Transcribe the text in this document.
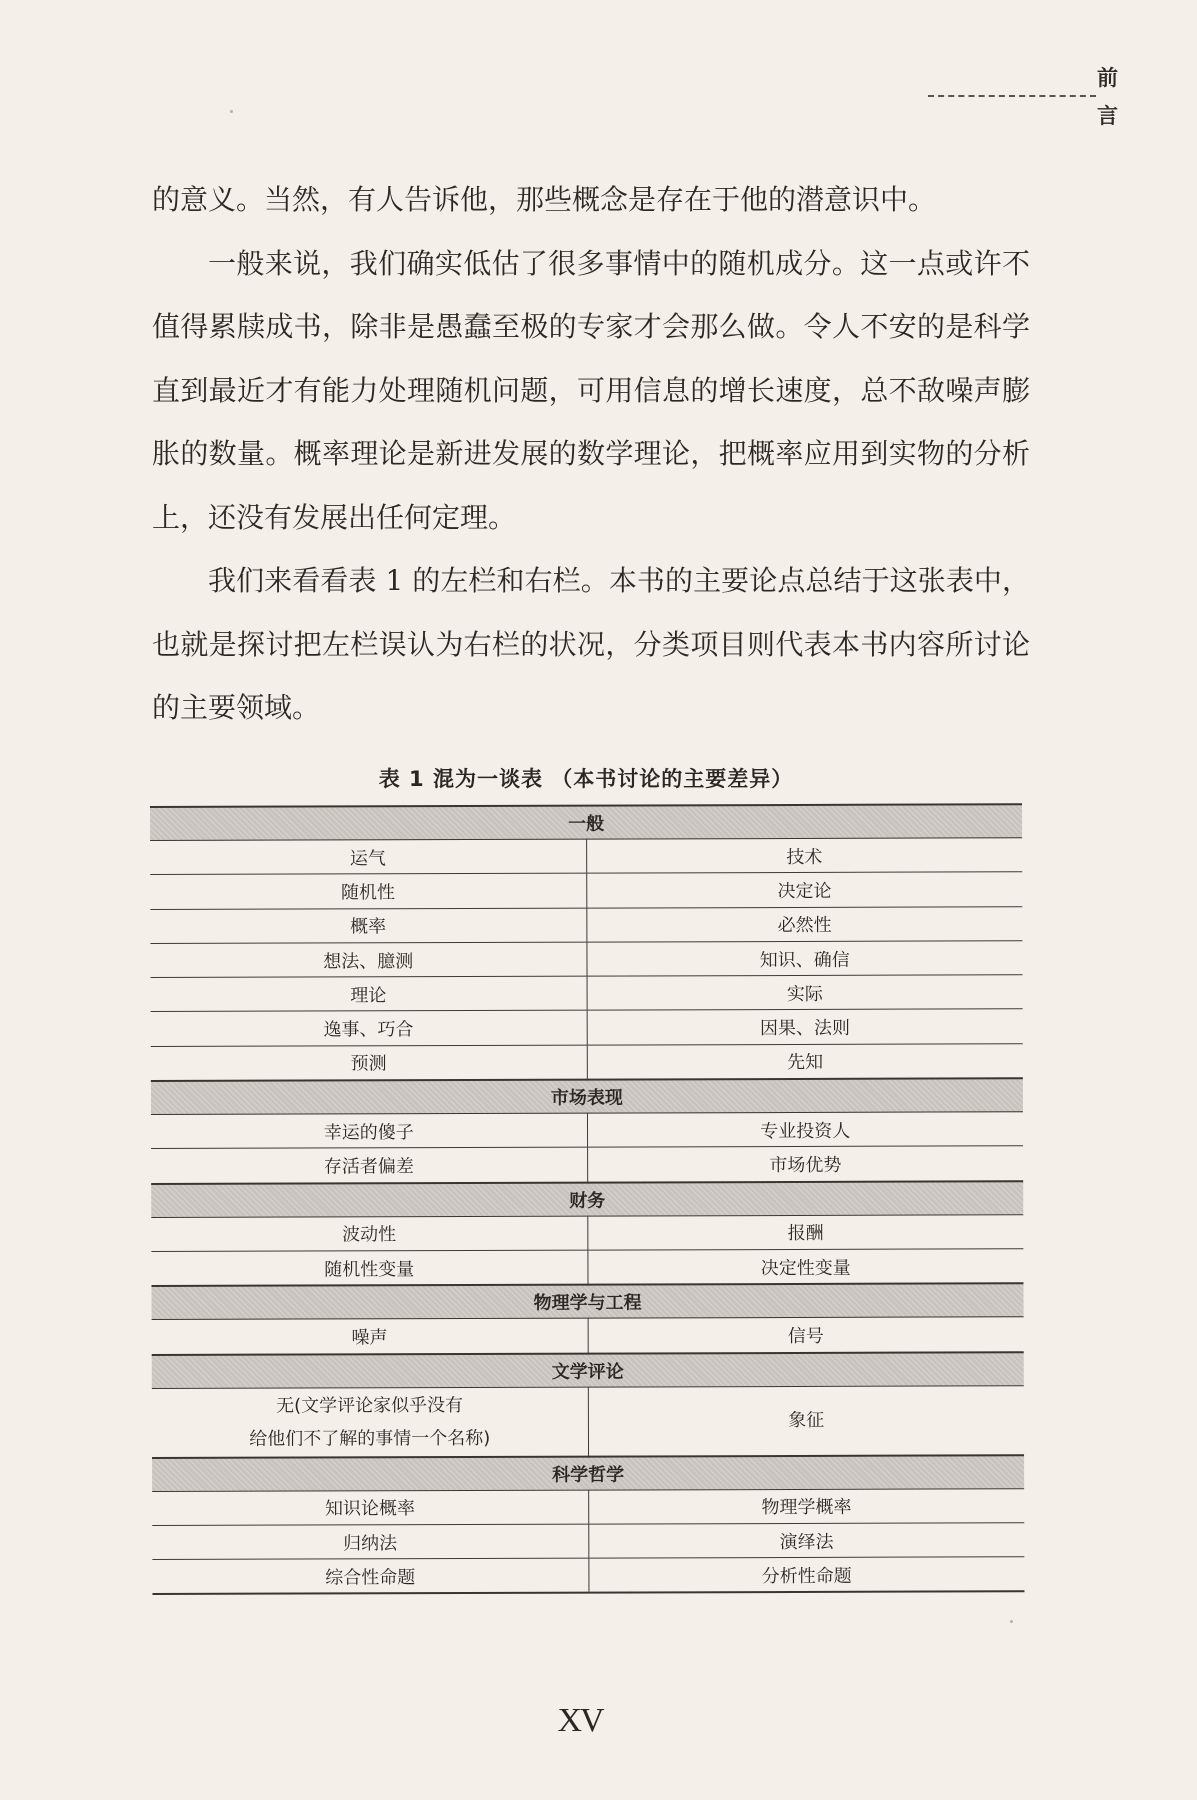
前
言

的意义。当然，有人告诉他，那些概念是存在于他的潜意识中。

一般来说，我们确实低估了很多事情中的随机成分。这一点或许不值得累牍成书，除非是愚蠢至极的专家才会那么做。令人不安的是科学直到最近才有能力处理随机问题，可用信息的增长速度，总不敌噪声膨胀的数量。概率理论是新进发展的数学理论，把概率应用到实物的分析上，还没有发展出任何定理。

我们来看看表 1 的左栏和右栏。本书的主要论点总结于这张表中，也就是探讨把左栏误认为右栏的状况，分类项目则代表本书内容所讨论的主要领域。

表 1 混为一谈表 （本书讨论的主要差异）
一般	
运气	技术
随机性	决定论
概率	必然性
想法、臆测	知识、确信
理论	实际
逸事、巧合	因果、法则
预测	先知
市场表现	
幸运的傻子	专业投资人
存活者偏差	市场优势
财务	
波动性	报酬
随机性变量	决定性变量
物理学与工程	
噪声	信号
文学评论	

无(文学评论家似乎没有
给他们不了解的事情一个名称)	象征
科学哲学	
知识论概率	物理学概率
归纳法	演绎法
综合性命题	分析性命题
XV
